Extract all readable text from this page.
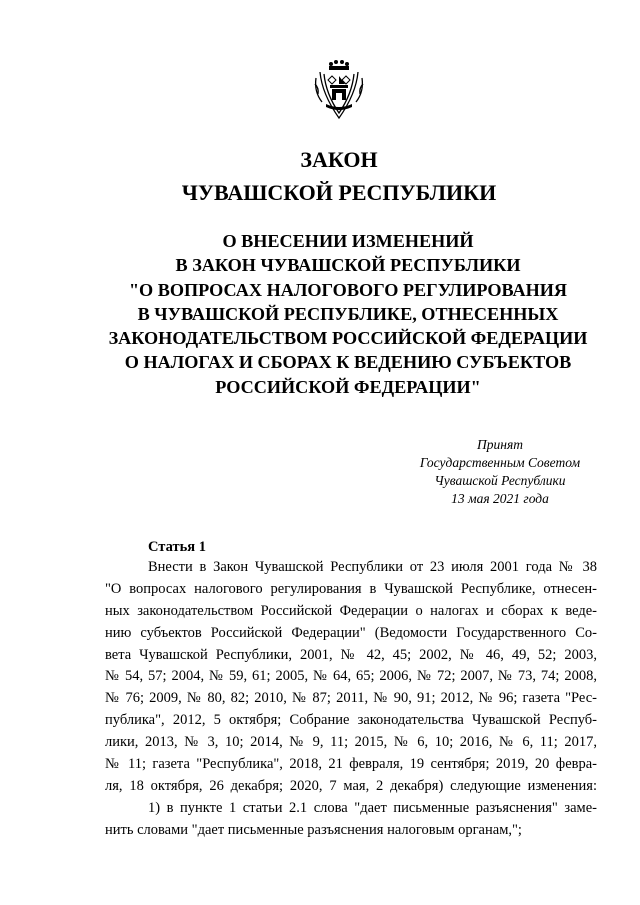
ЗАКОН
ЧУВАШСКОЙ РЕСПУБЛИКИ
О ВНЕСЕНИИ ИЗМЕНЕНИЙ
В ЗАКОН ЧУВАШСКОЙ РЕСПУБЛИКИ
"О ВОПРОСАХ НАЛОГОВОГО РЕГУЛИРОВАНИЯ
В ЧУВАШСКОЙ РЕСПУБЛИКЕ, ОТНЕСЕННЫХ
ЗАКОНОДАТЕЛЬСТВОМ РОССИЙСКОЙ ФЕДЕРАЦИИ
О НАЛОГАХ И СБОРАХ К ВЕДЕНИЮ СУБЪЕКТОВ
РОССИЙСКОЙ ФЕДЕРАЦИИ"
Принят
Государственным Советом
Чувашской Республики
13 мая 2021 года
Статья 1
Внести в Закон Чувашской Республики от 23 июля 2001 года № 38
"О вопросах налогового регулирования в Чувашской Республике, отнесен-
ных законодательством Российской Федерации о налогах и сборах к веде-
нию субъектов Российской Федерации" (Ведомости Государственного Со-
вета Чувашской Республики, 2001, № 42, 45; 2002, № 46, 49, 52; 2003,
№ 54, 57; 2004, № 59, 61; 2005, № 64, 65; 2006, № 72; 2007, № 73, 74; 2008,
№ 76; 2009, № 80, 82; 2010, № 87; 2011, № 90, 91; 2012, № 96; газета "Рес-
публика", 2012, 5 октября; Собрание законодательства Чувашской Респуб-
лики, 2013, № 3, 10; 2014, № 9, 11; 2015, № 6, 10; 2016, № 6, 11; 2017,
№ 11; газета "Республика", 2018, 21 февраля, 19 сентября; 2019, 20 февра-
ля, 18 октября, 26 декабря; 2020, 7 мая, 2 декабря) следующие изменения:
1) в пункте 1 статьи 2.1 слова "дает письменные разъяснения" заме-
нить словами "дает письменные разъяснения налоговым органам,";
